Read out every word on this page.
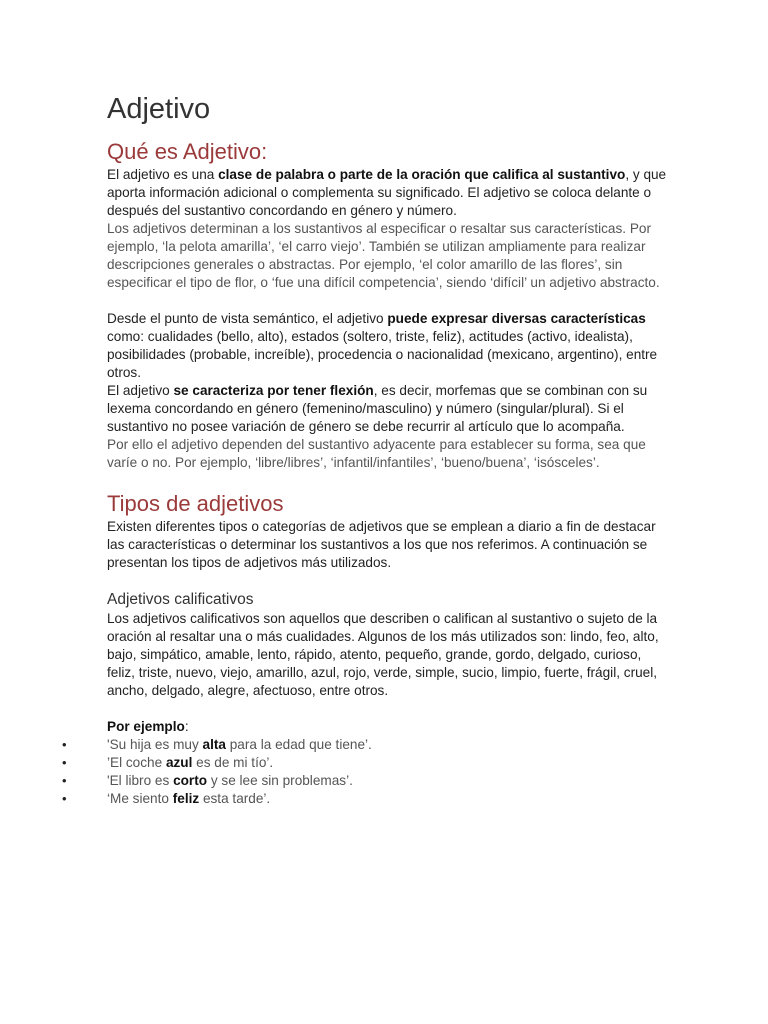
Adjetivo
Qué es Adjetivo:

El adjetivo es una clase de palabra o parte de la oración que califica al sustantivo, y que aporta información adicional o complementa su significado. El adjetivo se coloca delante o después del sustantivo concordando en género y número.

Los adjetivos determinan a los sustantivos al especificar o resaltar sus características. Por ejemplo, ‘la pelota amarilla’, ‘el carro viejo’. También se utilizan ampliamente para realizar descripciones generales o abstractas. Por ejemplo, ‘el color amarillo de las flores’, sin especificar el tipo de flor, o ‘fue una difícil competencia’, siendo ‘difícil’ un adjetivo abstracto.

Desde el punto de vista semántico, el adjetivo puede expresar diversas características como: cualidades (bello, alto), estados (soltero, triste, feliz), actitudes (activo, idealista), posibilidades (probable, increíble), procedencia o nacionalidad (mexicano, argentino), entre otros.

El adjetivo se caracteriza por tener flexión, es decir, morfemas que se combinan con su lexema concordando en género (femenino/masculino) y número (singular/plural). Si el sustantivo no posee variación de género se debe recurrir al artículo que lo acompaña.

Por ello el adjetivo dependen del sustantivo adyacente para establecer su forma, sea que varíe o no. Por ejemplo, ‘libre/libres’, ‘infantil/infantiles’, ‘bueno/buena’, ‘isósceles’.

Tipos de adjetivos

Existen diferentes tipos o categorías de adjetivos que se emplean a diario a fin de destacar las características o determinar los sustantivos a los que nos referimos. A continuación se presentan los tipos de adjetivos más utilizados.

Adjetivos calificativos

Los adjetivos calificativos son aquellos que describen o califican al sustantivo o sujeto de la oración al resaltar una o más cualidades. Algunos de los más utilizados son: lindo, feo, alto, bajo, simpático, amable, lento, rápido, atento, pequeño, grande, gordo, delgado, curioso, feliz, triste, nuevo, viejo, amarillo, azul, rojo, verde, simple, sucio, limpio, fuerte, frágil, cruel, ancho, delgado, alegre, afectuoso, entre otros.

Por ejemplo:

•	'Su hija es muy alta para la edad que tiene’.
•	’El coche azul es de mi tío’.
•	'El libro es corto y se lee sin problemas’.
•	‘Me siento feliz esta tarde’.
